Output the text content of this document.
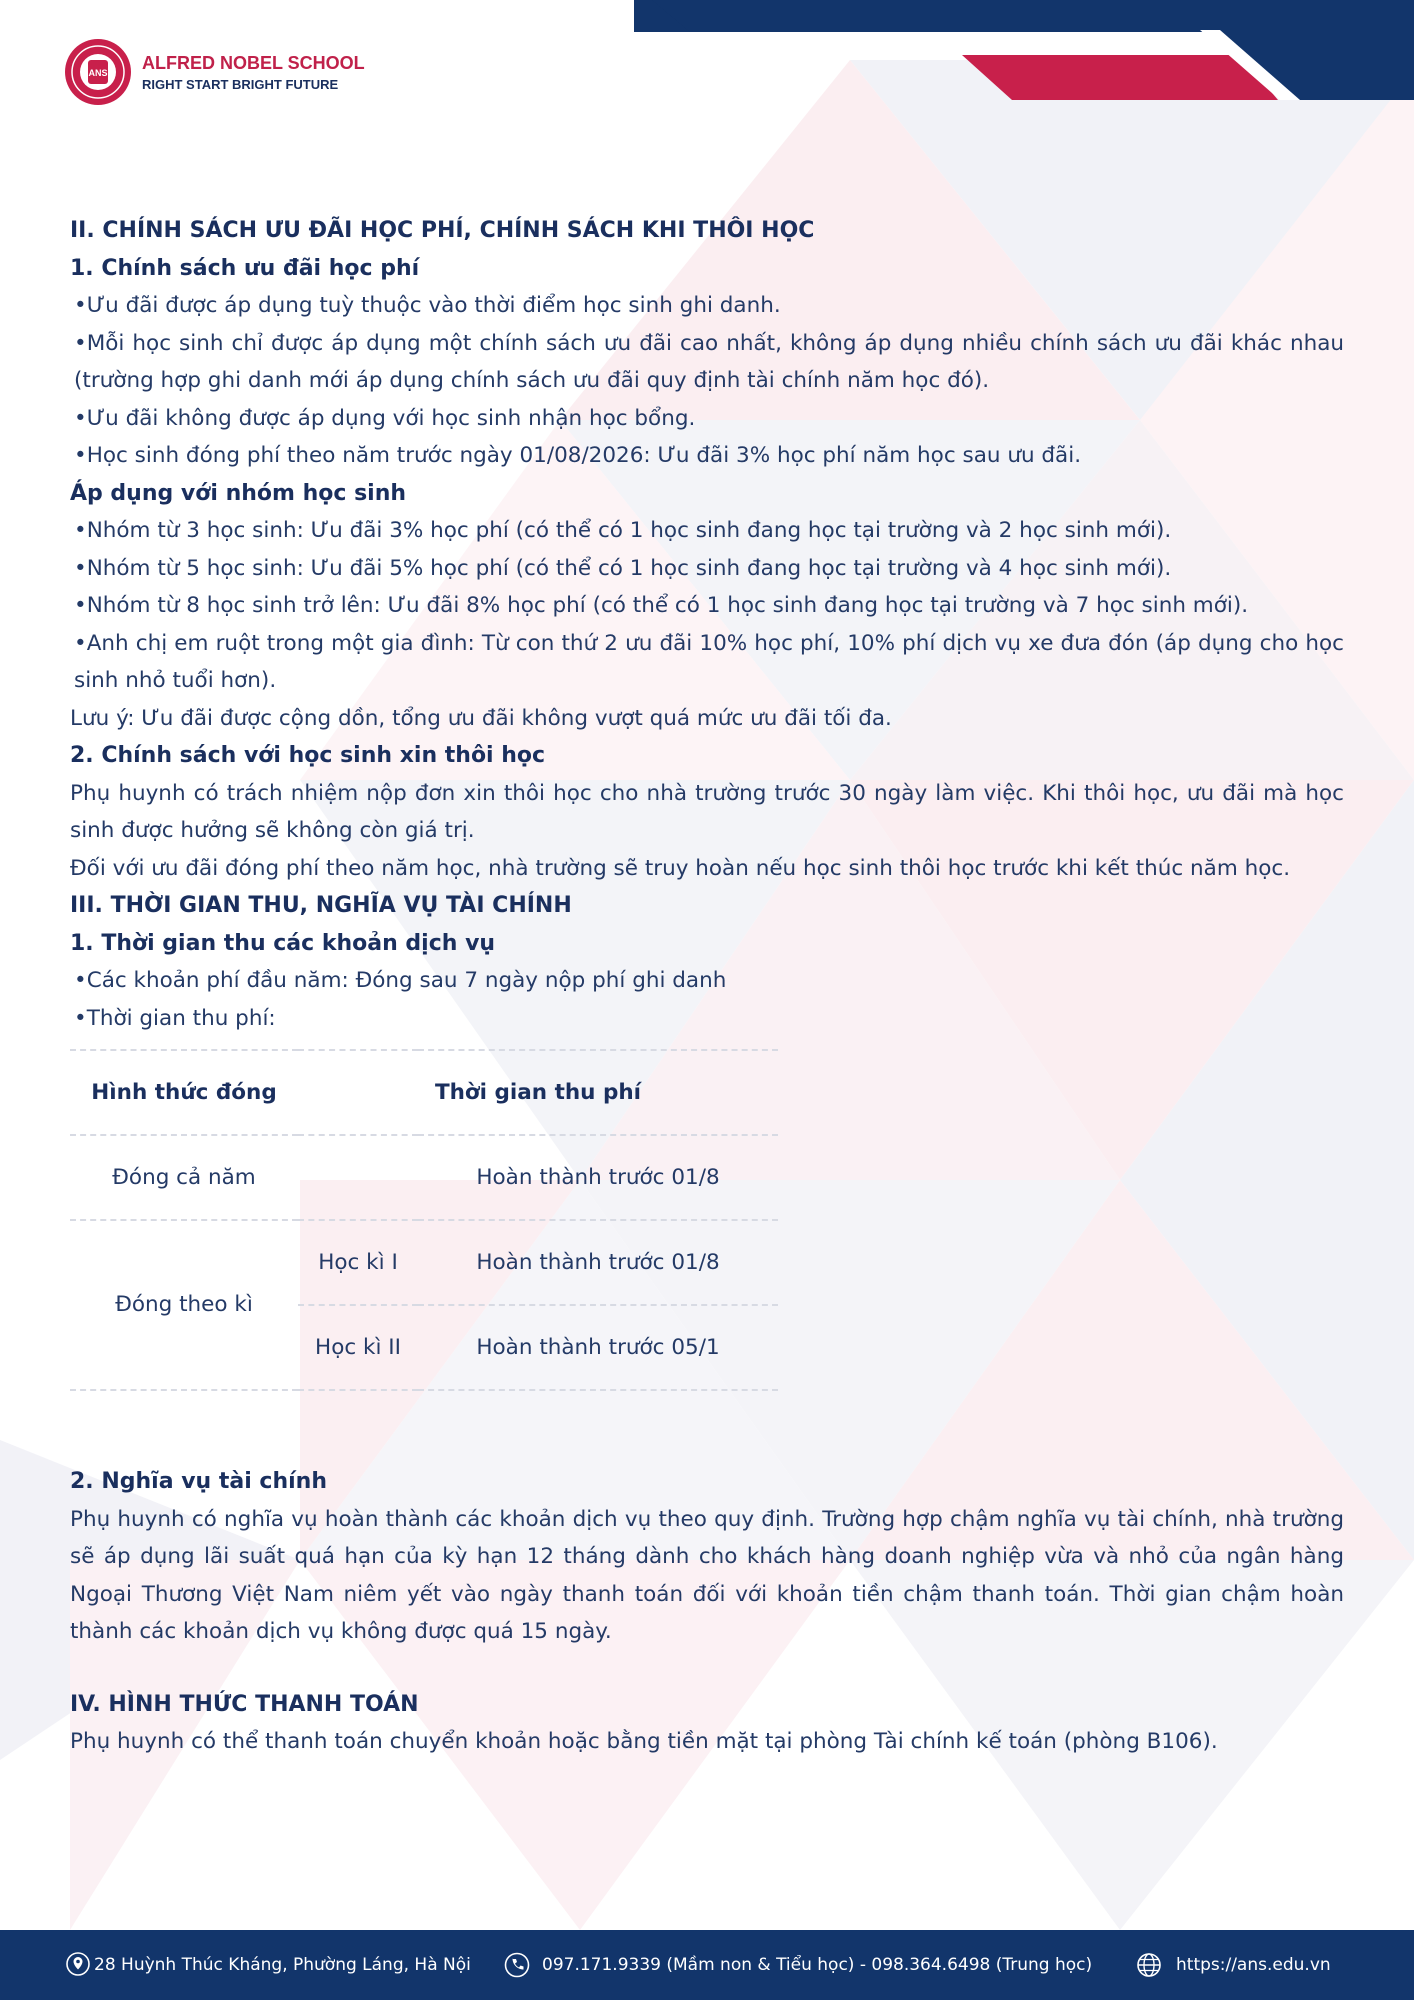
ANS
ALFRED NOBEL SCHOOL
RIGHT START BRIGHT FUTURE

II. CHÍNH SÁCH ƯU ĐÃI HỌC PHÍ, CHÍNH SÁCH KHI THÔI HỌC

1. Chính sách ưu đãi học phí

• Ưu đãi được áp dụng tuỳ thuộc vào thời điểm học sinh ghi danh.

• Mỗi học sinh chỉ được áp dụng một chính sách ưu đãi cao nhất, không áp dụng nhiều chính sách ưu đãi khác nhau (trường hợp ghi danh mới áp dụng chính sách ưu đãi quy định tài chính năm học đó).

• Ưu đãi không được áp dụng với học sinh nhận học bổng.

• Học sinh đóng phí theo năm trước ngày 01/08/2026: Ưu đãi 3% học phí năm học sau ưu đãi.

Áp dụng với nhóm học sinh

• Nhóm từ 3 học sinh: Ưu đãi 3% học phí (có thể có 1 học sinh đang học tại trường và 2 học sinh mới).

• Nhóm từ 5 học sinh: Ưu đãi 5% học phí (có thể có 1 học sinh đang học tại trường và 4 học sinh mới).

• Nhóm từ 8 học sinh trở lên: Ưu đãi 8% học phí (có thể có 1 học sinh đang học tại trường và 7 học sinh mới).

• Anh chị em ruột trong một gia đình: Từ con thứ 2 ưu đãi 10% học phí, 10% phí dịch vụ xe đưa đón (áp dụng cho học sinh nhỏ tuổi hơn).

Lưu ý: Ưu đãi được cộng dồn, tổng ưu đãi không vượt quá mức ưu đãi tối đa.

2. Chính sách với học sinh xin thôi học

Phụ huynh có trách nhiệm nộp đơn xin thôi học cho nhà trường trước 30 ngày làm việc. Khi thôi học, ưu đãi mà học sinh được hưởng sẽ không còn giá trị.

Đối với ưu đãi đóng phí theo năm học, nhà trường sẽ truy hoàn nếu học sinh thôi học trước khi kết thúc năm học.

III. THỜI GIAN THU, NGHĨA VỤ TÀI CHÍNH

1. Thời gian thu các khoản dịch vụ

• Các khoản phí đầu năm: Đóng sau 7 ngày nộp phí ghi danh

• Thời gian thu phí:

Hình thức đóng	Thời gian thu phí	
Đóng cả năm		Hoàn thành trước 01/8
Đóng theo kì	Học kì I	Hoàn thành trước 01/8
	Học kì II	Hoàn thành trước 05/1

2. Nghĩa vụ tài chính

Phụ huynh có nghĩa vụ hoàn thành các khoản dịch vụ theo quy định. Trường hợp chậm nghĩa vụ tài chính, nhà trường sẽ áp dụng lãi suất quá hạn của kỳ hạn 12 tháng dành cho khách hàng doanh nghiệp vừa và nhỏ của ngân hàng Ngoại Thương Việt Nam niêm yết vào ngày thanh toán đối với khoản tiền chậm thanh toán. Thời gian chậm hoàn thành các khoản dịch vụ không được quá 15 ngày.

IV. HÌNH THỨC THANH TOÁN

Phụ huynh có thể thanh toán chuyển khoản hoặc bằng tiền mặt tại phòng Tài chính kế toán (phòng B106).

28 Huỳnh Thúc Kháng, Phường Láng, Hà Nội	097.171.9339 (Mầm non & Tiểu học) - 098.364.6498 (Trung học)	https://ans.edu.vn
